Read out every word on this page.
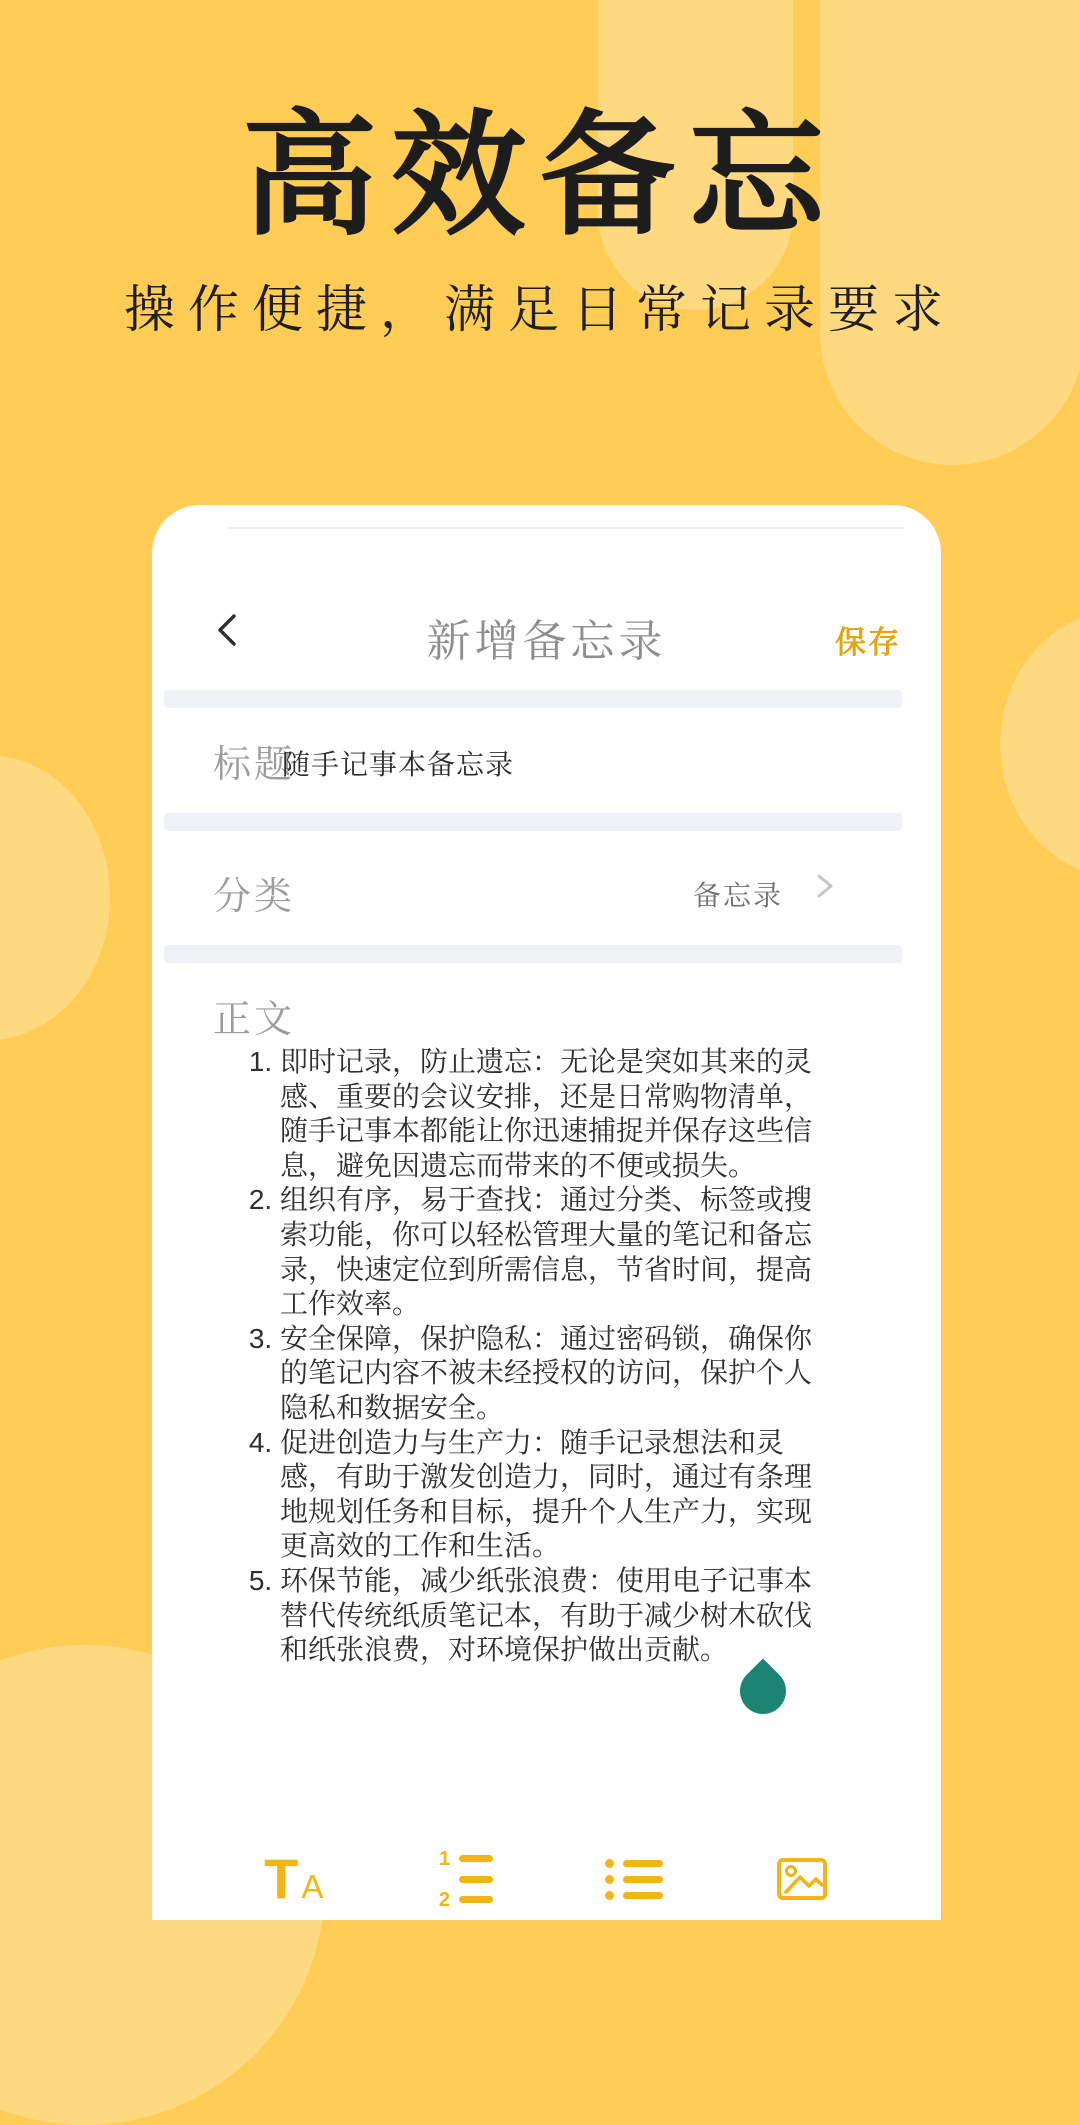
高效备忘
操作便捷，满足日常记录要求
新增备忘录	保存
标题
随手记事本备忘录
分类	备忘录
正文
1. 即时记录，防止遗忘：无论是突如其来的灵感、重要的会议安排，还是日常购物清单，随手记事本都能让你迅速捕捉并保存这些信息，避免因遗忘而带来的不便或损失。
2. 组织有序，易于查找：通过分类、标签或搜索功能，你可以轻松管理大量的笔记和备忘录，快速定位到所需信息，节省时间，提高工作效率。
3. 安全保障，保护隐私：通过密码锁，确保你的笔记内容不被未经授权的访问，保护个人隐私和数据安全。
4. 促进创造力与生产力：随手记录想法和灵感，有助于激发创造力，同时，通过有条理地规划任务和目标，提升个人生产力，实现更高效的工作和生活。
5. 环保节能，减少纸张浪费：使用电子记事本替代传统纸质笔记本，有助于减少树木砍伐和纸张浪费，对环境保护做出贡献。
T A
1
2
